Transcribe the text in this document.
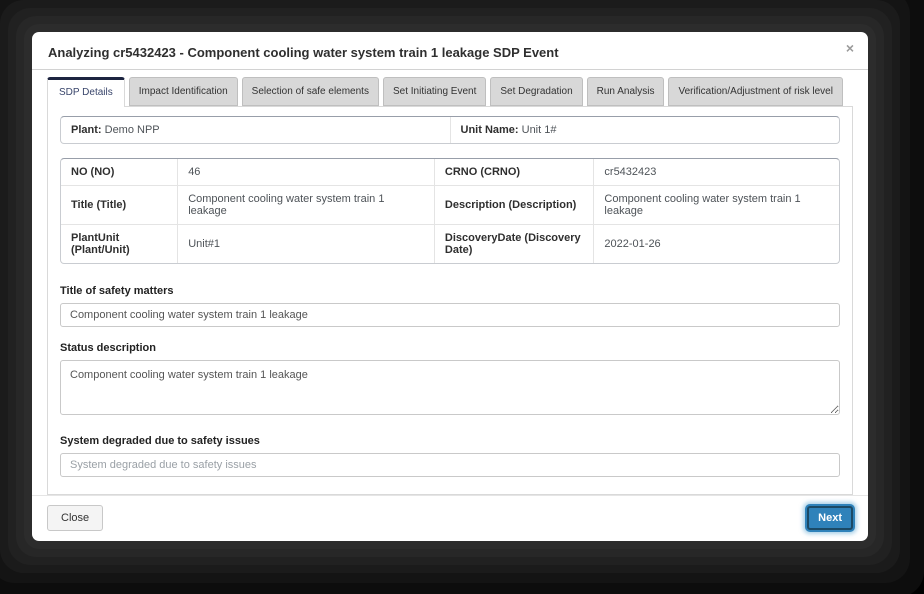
Analyzing cr5432423 - Component cooling water system train 1 leakage SDP Event	×
SDP Details	Impact Identification	Selection of safe elements	Set Initiating Event	Set Degradation	Run Analysis	Verification/Adjustment of risk level
Plant: Demo NPP	Unit Name: Unit 1#
NO (NO)	46	CRNO (CRNO)	cr5432423
Title (Title)	Component cooling water system train 1 leakage	Description (Description)	Component cooling water system train 1 leakage
PlantUnit (Plant/Unit)	Unit#1	DiscoveryDate (Discovery Date)	2022-01-26
Title of safety matters
Component cooling water system train 1 leakage
Status description
Component cooling water system train 1 leakage
System degraded due to safety issues
System degraded due to safety issues
Close	Next
